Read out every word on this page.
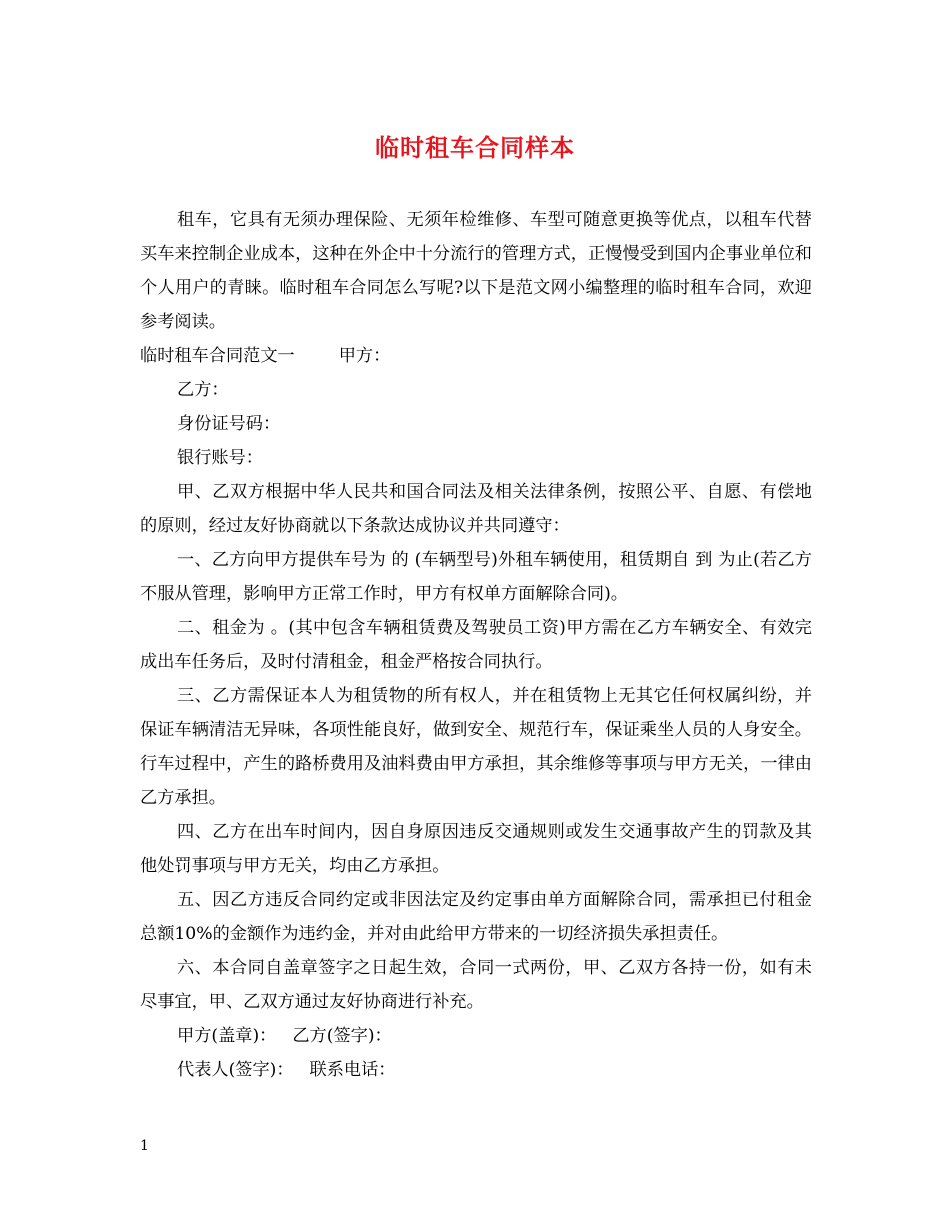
临时租车合同样本

租车，它具有无须办理保险、无须年检维修、车型可随意更换等优点，以租车代替买车来控制企业成本，这种在外企中十分流行的管理方式，正慢慢受到国内企事业单位和个人用户的青睐。临时租车合同怎么写呢?以下是范文网小编整理的临时租车合同，欢迎参考阅读。

临时租车合同范文一	甲方：

乙方：

身份证号码：

银行账号：

甲、乙双方根据中华人民共和国合同法及相关法律条例，按照公平、自愿、有偿地的原则，经过友好协商就以下条款达成协议并共同遵守：

一、乙方向甲方提供车号为 的 (车辆型号)外租车辆使用，租赁期自 到 为止(若乙方不服从管理，影响甲方正常工作时，甲方有权单方面解除合同)。

二、租金为 。(其中包含车辆租赁费及驾驶员工资)甲方需在乙方车辆安全、有效完成出车任务后，及时付清租金，租金严格按合同执行。

三、乙方需保证本人为租赁物的所有权人，并在租赁物上无其它任何权属纠纷，并保证车辆清洁无异味，各项性能良好，做到安全、规范行车，保证乘坐人员的人身安全。行车过程中，产生的路桥费用及油料费由甲方承担，其余维修等事项与甲方无关，一律由乙方承担。

四、乙方在出车时间内，因自身原因违反交通规则或发生交通事故产生的罚款及其他处罚事项与甲方无关，均由乙方承担。

五、因乙方违反合同约定或非因法定及约定事由单方面解除合同，需承担已付租金总额10%的金额作为违约金，并对由此给甲方带来的一切经济损失承担责任。

六、本合同自盖章签字之日起生效，合同一式两份，甲、乙双方各持一份，如有未尽事宜，甲、乙双方通过友好协商进行补充。

甲方(盖章)： 乙方(签字)：

代表人(签字)： 联系电话：

1
